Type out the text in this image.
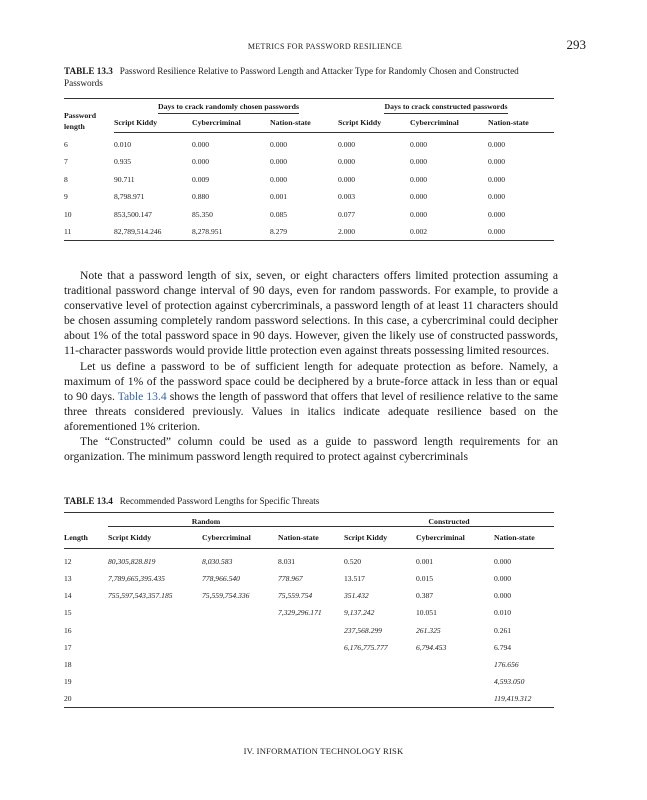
METRICS FOR PASSWORD RESILIENCE	293
TABLE 13.3 Password Resilience Relative to Password Length and Attacker Type for Randomly Chosen and Constructed Passwords
Password
length	Days to crack randomly chosen passwords			Days to crack constructed passwords		
	Script Kiddy	Cybercriminal	Nation-state	Script Kiddy	Cybercriminal	Nation-state
6	0.010	0.000	0.000	0.000	0.000	0.000
7	0.935	0.000	0.000	0.000	0.000	0.000
8	90.711	0.009	0.000	0.000	0.000	0.000
9	8,798.971	0.880	0.001	0.003	0.000	0.000
10	853,500.147	85.350	0.085	0.077	0.000	0.000
11	82,789,514.246	8,278.951	8.279	2.000	0.002	0.000

Note that a password length of six, seven, or eight characters offers limited protection assuming a traditional password change interval of 90 days, even for random passwords. For example, to provide a conservative level of protection against cybercriminals, a password length of at least 11 characters should be chosen assuming completely random password selections. In this case, a cybercriminal could decipher about 1% of the total password space in 90 days. However, given the likely use of constructed passwords, 11-character passwords would provide little protection even against threats possessing limited resources.

Let us define a password to be of sufficient length for adequate protection as before. Namely, a maximum of 1% of the password space could be deciphered by a brute-force attack in less than or equal to 90 days. Table 13.4 shows the length of password that offers that level of resilience relative to the same three threats considered previously. Values in italics indicate adequate resilience based on the aforementioned 1% criterion.

The “Constructed” column could be used as a guide to password length requirements for an organization. The minimum password length required to protect against cybercriminals

TABLE 13.4 Recommended Password Lengths for Specific Threats
	Random			Constructed		
Length	Script Kiddy	Cybercriminal	Nation-state	Script Kiddy	Cybercriminal	Nation-state
12	80,305,828.819	8,030.583	8.031	0.520	0.001	0.000
13	7,789,665,395.435	778,966.540	778.967	13.517	0.015	0.000
14	755,597,543,357.185	75,559,754.336	75,559.754	351.432	0.387	0.000
15			7,329,296.171	9,137.242	10.051	0.010
16				237,568.299	261.325	0.261
17				6,176,775.777	6,794.453	6.794
18						176.656
19						4,593.050
20						119,419.312
IV. INFORMATION TECHNOLOGY RISK
